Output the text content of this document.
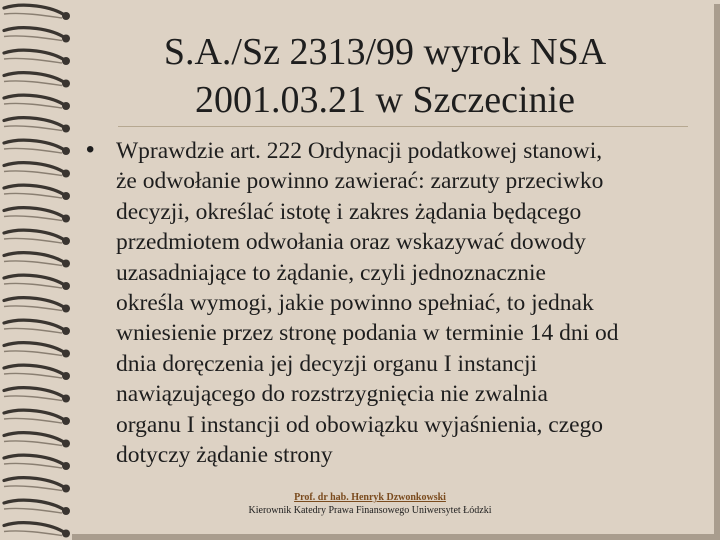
S.A./Sz 2313/99 wyrok NSA
2001.03.21 w Szczecinie
• Wprawdzie art. 222 Ordynacji podatkowej stanowi,
że odwołanie powinno zawierać: zarzuty przeciwko
decyzji, określać istotę i zakres żądania będącego
przedmiotem odwołania oraz wskazywać dowody
uzasadniające to żądanie, czyli jednoznacznie
określa wymogi, jakie powinno spełniać, to jednak
wniesienie przez stronę podania w terminie 14 dni od
dnia doręczenia jej decyzji organu I instancji
nawiązującego do rozstrzygnięcia nie zwalnia
organu I instancji od obowiązku wyjaśnienia, czego
dotyczy żądanie strony
Prof. dr hab. Henryk Dzwonkowski
Kierownik Katedry Prawa Finansowego Uniwersytet Łódzki
